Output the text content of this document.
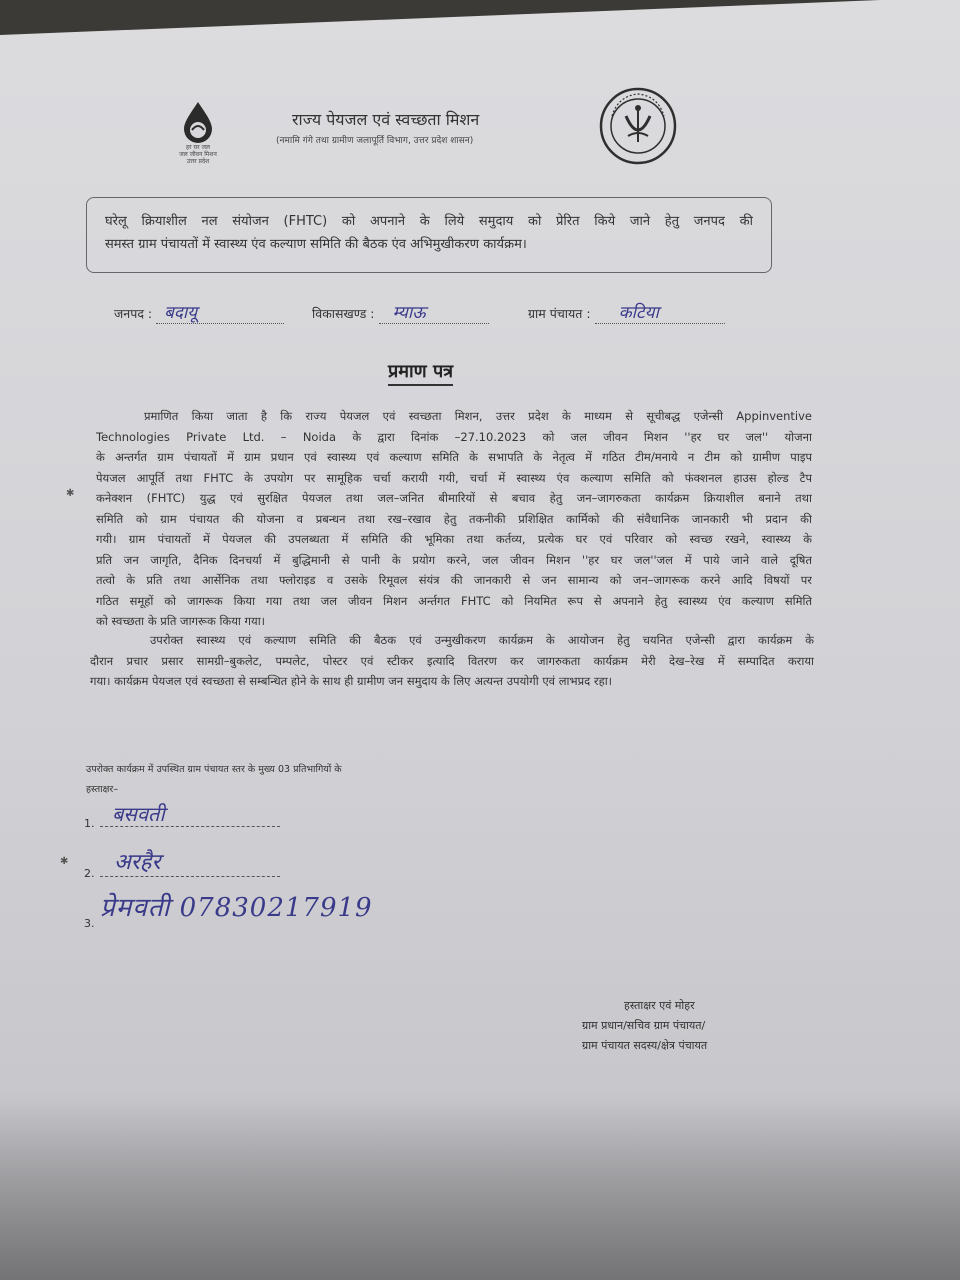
हर घर जल
जल जीवन मिशन
उत्तर प्रदेश
राज्य पेयजल एवं स्वच्छता मिशन
(नमामि गंगे तथा ग्रामीण जलापूर्ति विभाग, उत्तर प्रदेश शासन)
घरेलू क्रियाशील नल संयोजन (FHTC) को अपनाने के लिये समुदाय को प्रेरित किये जाने हेतु जनपद की
समस्त ग्राम पंचायतों में स्वास्थ्य एंव कल्याण समिति की बैठक एंव अभिमुखीकरण कार्यक्रम।
जनपद : बदायू	विकासखण्ड : म्याऊ	ग्राम पंचायत : कटिया
प्रमाण पत्र
प्रमाणित किया जाता है कि राज्य पेयजल एवं स्वच्छता मिशन, उत्तर प्रदेश के माध्यम से सूचीबद्ध एजेन्सी Appinventive
Technologies Private Ltd. – Noida के द्वारा दिनांक –27.10.2023 को जल जीवन मिशन ''हर घर जल'' योजना
के अन्तर्गत ग्राम पंचायतों में ग्राम प्रधान एवं स्वास्थ्य एवं कल्याण समिति के सभापति के नेतृत्व में गठित टीम/मनाये न टीम को ग्रामीण पाइप
पेयजल आपूर्ति तथा FHTC के उपयोग पर सामूहिक चर्चा करायी गयी, चर्चा में स्वास्थ्य एंव कल्याण समिति को फंक्शनल हाउस होल्ड टैप
कनेक्शन (FHTC) युद्ध एवं सुरक्षित पेयजल तथा जल–जनित बीमारियों से बचाव हेतु जन–जागरुकता कार्यक्रम क्रियाशील बनाने तथा
समिति को ग्राम पंचायत की योजना व प्रबन्धन तथा रख–रखाव हेतु तकनीकी प्रशिक्षित कार्मिको की संवैधानिक जानकारी भी प्रदान की
गयी। ग्राम पंचायतों में पेयजल की उपलब्धता में समिति की भूमिका तथा कर्तव्य, प्रत्येक घर एवं परिवार को स्वच्छ रखने, स्वास्थ्य के
प्रति जन जागृति, दैनिक दिनचर्या में बुद्धिमानी से पानी के प्रयोग करने, जल जीवन मिशन ''हर घर जल''जल में पाये जाने वाले दूषित
तत्वो के प्रति तथा आर्सेनिक तथा फ्लोराइड व उसके रिमूवल संयंत्र की जानकारी से जन सामान्य को जन–जागरूक करने आदि विषयों पर
गठित समूहों को जागरूक किया गया तथा जल जीवन मिशन अर्न्तगत FHTC को नियमित रूप से अपनाने हेतु स्वास्थ्य एंव कल्याण समिति
को स्वच्छता के प्रति जागरूक किया गया।
✱
उपरोक्त स्वास्थ्य एवं कल्याण समिति की बैठक एवं उन्मुखीकरण कार्यक्रम के आयोजन हेतु चयनित एजेन्सी द्वारा कार्यक्रम के
दौरान प्रचार प्रसार सामग्री–बुकलेट, पम्पलेट, पोस्टर एवं स्टीकर इत्यादि वितरण कर जागरुकता कार्यक्रम मेरी देख–रेख में सम्पादित कराया
गया। कार्यक्रम पेयजल एवं स्वच्छता से सम्बन्धित होने के साथ ही ग्रामीण जन समुदाय के लिए अत्यन्त उपयोगी एवं लाभप्रद रहा।
उपरोक्त कार्यक्रम में उपस्थित ग्राम पंचायत स्तर के मुख्य 03 प्रतिभागियों के
हस्ताक्षर–
1. बसवती
2. अरहैर
✱
3.
प्रेमवती 07830217919
हस्ताक्षर एवं मोहर
ग्राम प्रधान/सचिव ग्राम पंचायत/
ग्राम पंचायत सदस्य/क्षेत्र पंचायत
